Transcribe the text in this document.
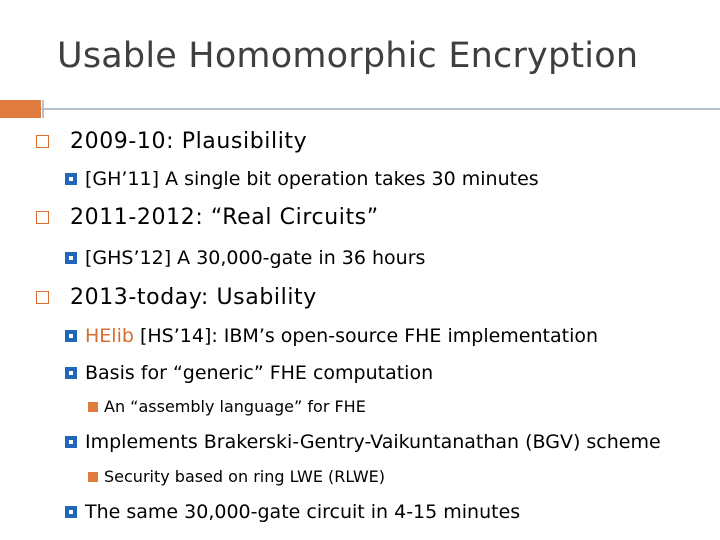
Usable Homomorphic Encryption
2009-10: Plausibility
[GH’11] A single bit operation takes 30 minutes
2011-2012: “Real Circuits”
[GHS’12] A 30,000-gate in 36 hours
2013-today: Usability
HElib [HS’14]: IBM’s open-source FHE implementation
Basis for “generic” FHE computation
An “assembly language” for FHE
Implements Brakerski-Gentry-Vaikuntanathan (BGV) scheme
Security based on ring LWE (RLWE)
The same 30,000-gate circuit in 4-15 minutes
